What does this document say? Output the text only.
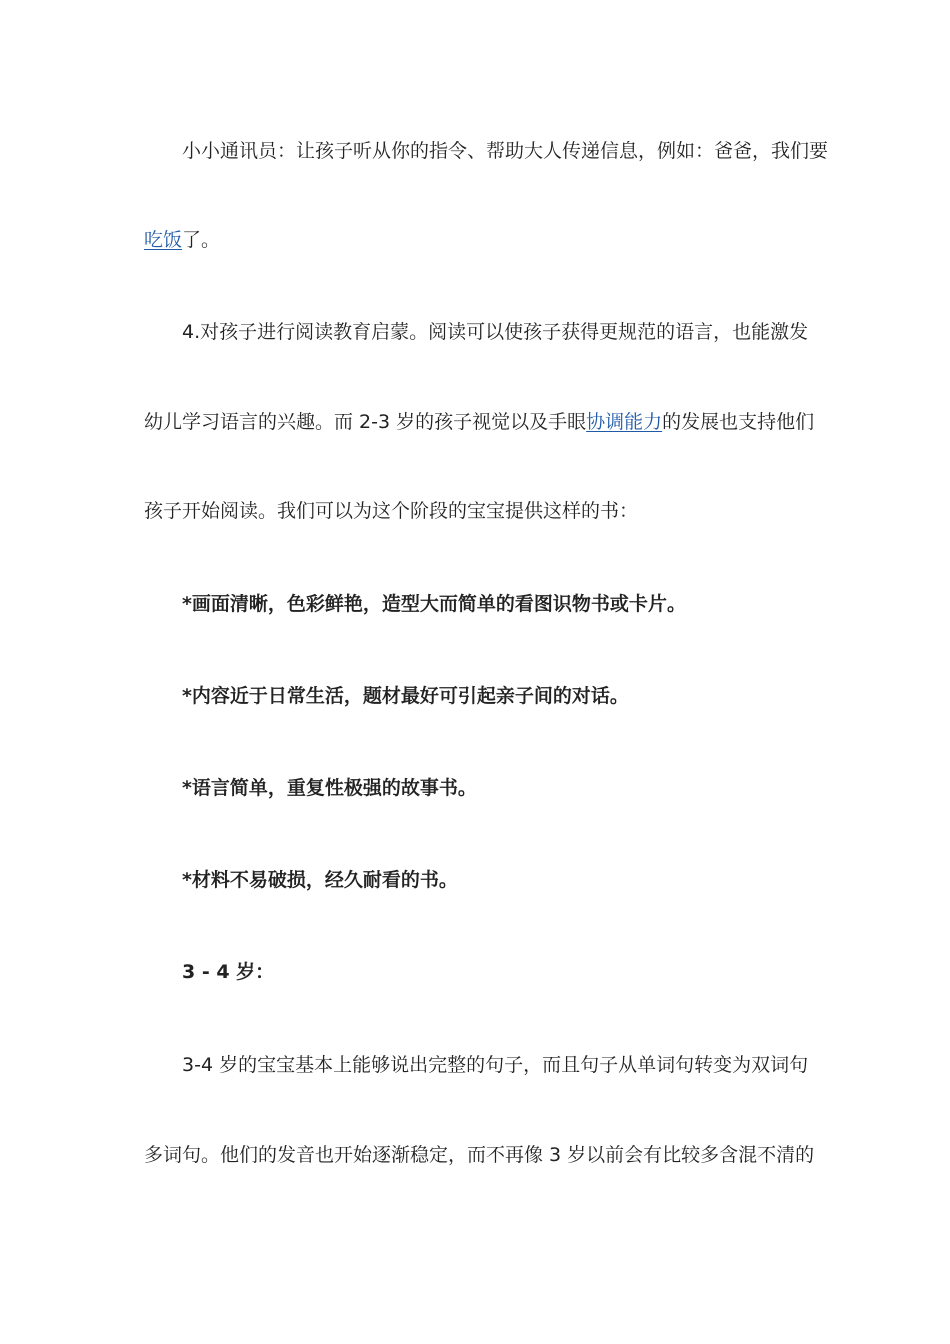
小小通讯员：让孩子听从你的指令、帮助大人传递信息，例如：爸爸，我们要
吃饭了。
4.对孩子进行阅读教育启蒙。阅读可以使孩子获得更规范的语言，也能激发
幼儿学习语言的兴趣。而 2-3 岁的孩子视觉以及手眼协调能力的发展也支持他们
孩子开始阅读。我们可以为这个阶段的宝宝提供这样的书：
*画面清晰，色彩鲜艳，造型大而简单的看图识物书或卡片。
*内容近于日常生活，题材最好可引起亲子间的对话。
*语言简单，重复性极强的故事书。
*材料不易破损，经久耐看的书。
3 - 4 岁：
3-4 岁的宝宝基本上能够说出完整的句子，而且句子从单词句转变为双词句
多词句。他们的发音也开始逐渐稳定，而不再像 3 岁以前会有比较多含混不清的
